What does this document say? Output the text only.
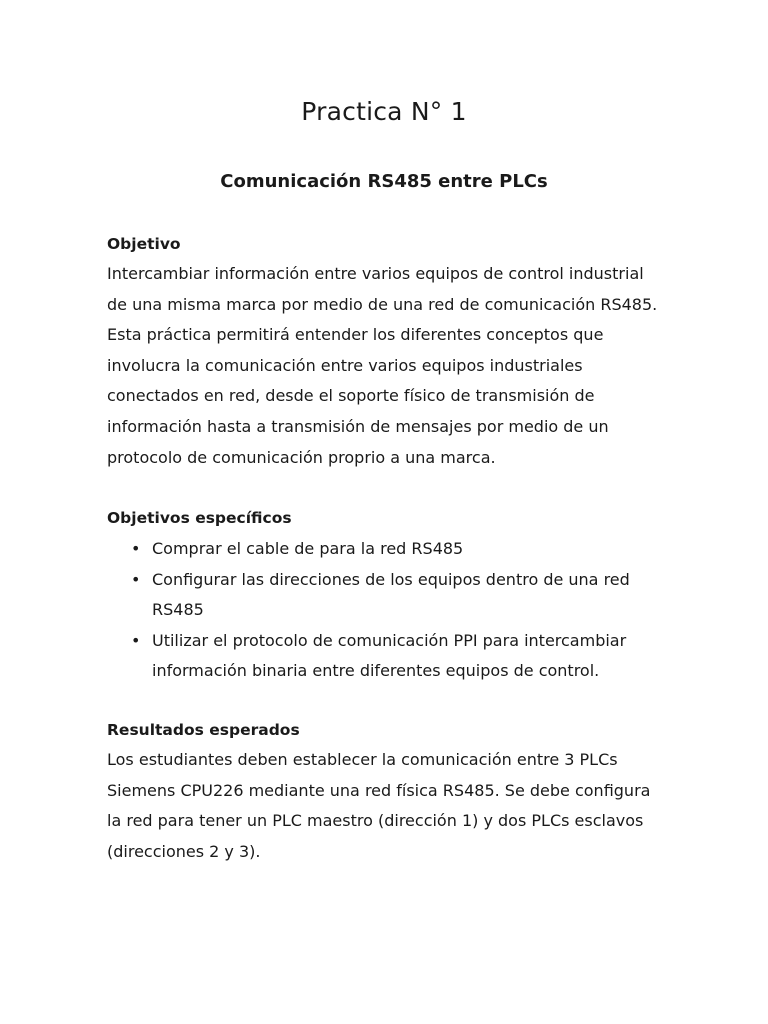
Practica N° 1
Comunicación RS485 entre PLCs
Objetivo

Intercambiar información entre varios equipos de control industrial
de una misma marca por medio de una red de comunicación RS485.
Esta práctica permitirá entender los diferentes conceptos que
involucra la comunicación entre varios equipos industriales
conectados en red, desde el soporte físico de transmisión de
información hasta a transmisión de mensajes por medio de un
protocolo de comunicación proprio a una marca.

Objetivos específicos
• Comprar el cable de para la red RS485
• Configurar las direcciones de los equipos dentro de una red
RS485
• Utilizar el protocolo de comunicación PPI para intercambiar
información binaria entre diferentes equipos de control.
Resultados esperados

Los estudiantes deben establecer la comunicación entre 3 PLCs
Siemens CPU226 mediante una red física RS485. Se debe configura
la red para tener un PLC maestro (dirección 1) y dos PLCs esclavos
(direcciones 2 y 3).
